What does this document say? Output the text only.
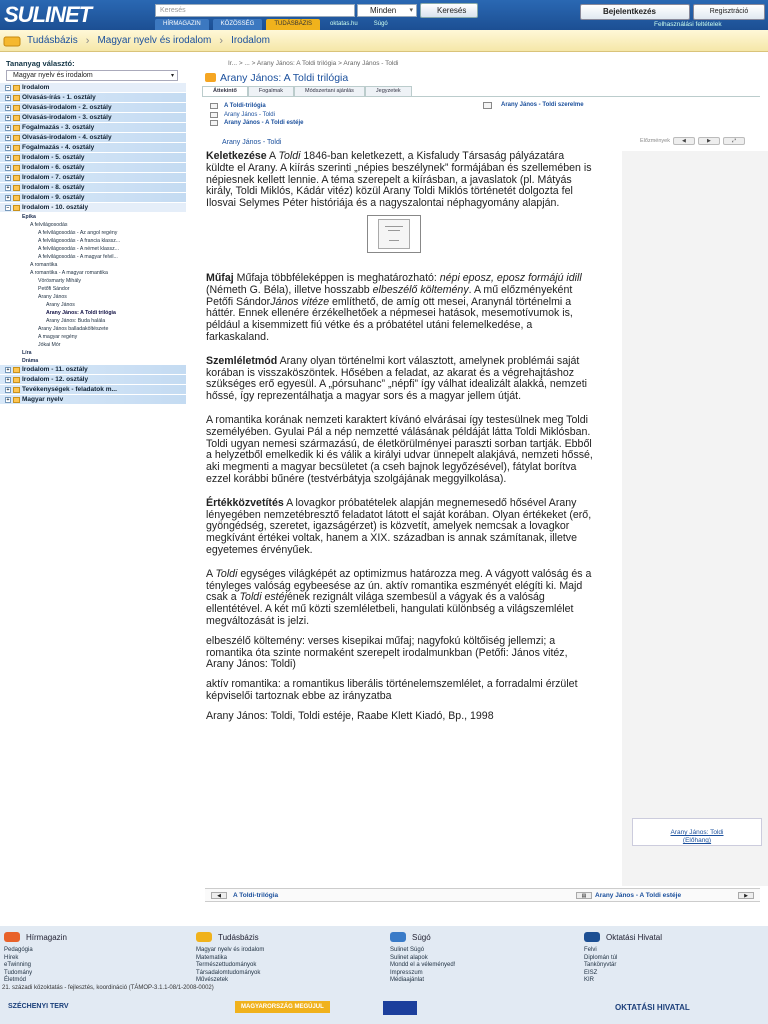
SULINET	Keresés	Minden ▾	Keresés
HÍRMAGAZIN	KÖZÖSSÉG	TUDÁSBÁZIS	oktatas.hu	Súgó
Bejelentkezés	Regisztráció
Felhasználási feltételek
Tudásbázis › Magyar nyelv és irodalom › Irodalom
Tananyag választó:
Magyar nyelv és irodalom	▾
− Irodalom
+ Olvasás-írás - 1. osztály
+ Olvasás-irodalom - 2. osztály
+ Olvasás-irodalom - 3. osztály
+ Fogalmazás - 3. osztály
+ Olvasás-irodalom - 4. osztály
+ Fogalmazás - 4. osztály
+ Irodalom - 5. osztály
+ Irodalom - 6. osztály
+ Irodalom - 7. osztály
+ Irodalom - 8. osztály
+ Irodalom - 9. osztály
− Irodalom - 10. osztály
Epika
A felvilágosodás
A felvilágosodás - Az angol regény
A felvilágosodás - A francia klassz...
A felvilágosodás - A német klassz...
A felvilágosodás - A magyar felvil...
A romantika
A romantika - A magyar romantika
Vörösmarty Mihály
Petőfi Sándor
Arany János
Arany János
Arany János: A Toldi trilógia
Arany János: Buda halála
Arany János balladaköltészete
A magyar regény
Jókai Mór
Líra
Dráma
+ Irodalom - 11. osztály
+ Irodalom - 12. osztály
+ Tevékenységek - feladatok m...
+ Magyar nyelv
Ir... > ... > Arany János: A Toldi trilógia > Arany János - Toldi
Arany János: A Toldi trilógia
Áttekintő	Fogalmak	Módszertani ajánlás	Jegyzetek
A Toldi-trilógia
Arany János - Toldi
Arany János - A Toldi estéje
Arany János - Toldi szerelme
Arany János - Toldi	Előzmények	◀	▶	⤢
Arany János: Toldi
(Előhang)

Keletkezése A Toldi 1846-ban keletkezett, a Kisfaludy Társaság pályázatára küldte el Arany. A kiírás szerinti „népies beszélynek” formájában és szellemében is népiesnek kellett lennie. A téma szerepelt a kiírásban, a javaslatok (pl. Mátyás király, Toldi Miklós, Kádár vitéz) közül Arany Toldi Miklós történetét dolgozta fel Ilosvai Selymes Péter históriája és a nagyszalontai néphagyomány alapján.

Műfaj Műfaja többféleképpen is meghatározható: népi eposz, eposz formájú idill (Németh G. Béla), illetve hosszabb elbeszélő költemény. A mű előzményeként Petőfi SándorJános vitéze említhető, de amíg ott mesei, Aranynál történelmi a háttér. Ennek ellenére érzékelhetőek a népmesei hatások, mesemotívumok is, például a kisemmizett fiú vétke és a próbatétel utáni felemelkedése, a farkaskaland.

Szemléletmód Arany olyan történelmi kort választott, amelynek problémái saját korában is visszaköszöntek. Hősében a feladat, az akarat és a végrehajtáshoz szükséges erő egyesül. A „pórsuhanc” „népfi” így válhat idealizált alakká, nemzeti hőssé, így reprezentálhatja a magyar sors és a magyar jellem útját.

A romantika korának nemzeti karaktert kívánó elvárásai így testesülnek meg Toldi személyében. Gyulai Pál a nép nemzetté válásának példáját látta Toldi Miklósban. Toldi ugyan nemesi származású, de életkörülményei paraszti sorban tartják. Ebből a helyzetből emelkedik ki és válik a királyi udvar ünnepelt alakjává, nemzeti hőssé, aki megmenti a magyar becsületet (a cseh bajnok legyőzésével), fátylat borítva ezzel korábbi bűnére (testvérbátyja szolgájának meggyilkolása).

Értékközvetítés A lovagkor próbatételek alapján megnemesedő hősével Arany lényegében nemzetébresztő feladatot látott el saját korában. Olyan értékeket (erő, gyöngédség, szeretet, igazságérzet) is közvetít, amelyek nemcsak a lovagkor megkívánt értékei voltak, hanem a XIX. században is annak számítanak, illetve egyetemes érvényűek.

A Toldi egységes világképét az optimizmus határozza meg. A vágyott valóság és a tényleges valóság egybeesése az ún. aktív romantika eszményét elégíti ki. Majd csak a Toldi estéjének rezignált világa szembesül a vágyak és a valóság ellentétével. A két mű közti szemléletbeli, hangulati különbség a világszemlélet megváltozását is jelzi.

elbeszélő költemény: verses kisepikai műfaj; nagyfokú költőiség jellemzi; a romantika óta szinte normaként szerepelt irodalmunkban (Petőfi: János vitéz, Arany János: Toldi)

aktív romantika: a romantikus liberális történelemszemlélet, a forradalmi érzület képviselői tartoznak ebbe az irányzatba

Arany János: Toldi, Toldi estéje, Raabe Klett Kiadó, Bp., 1998

◀	A Toldi-trilógia	▤	Arany János - A Toldi estéje	▶
Hírmagazin
Pedagógia
Hírek
eTwinning
Tudomány
Életmód
Tudásbázis
Magyar nyelv és irodalom
Matematika
Természettudományok
Társadalomtudományok
Művészetek
Súgó
Sulinet Súgó
Sulinet alapok
Mondd el a véleményed!
Impresszum
Médiaajánlat
Oktatási Hivatal
Felvi
Diplomán túl
Tankönyvtár
EISZ
KIR
21. századi közoktatás - fejlesztés, koordináció (TÁMOP-3.1.1-08/1-2008-0002)
SZÉCHENYI TERV	MAGYARORSZÁG MEGÚJUL	OKTATÁSI HIVATAL
